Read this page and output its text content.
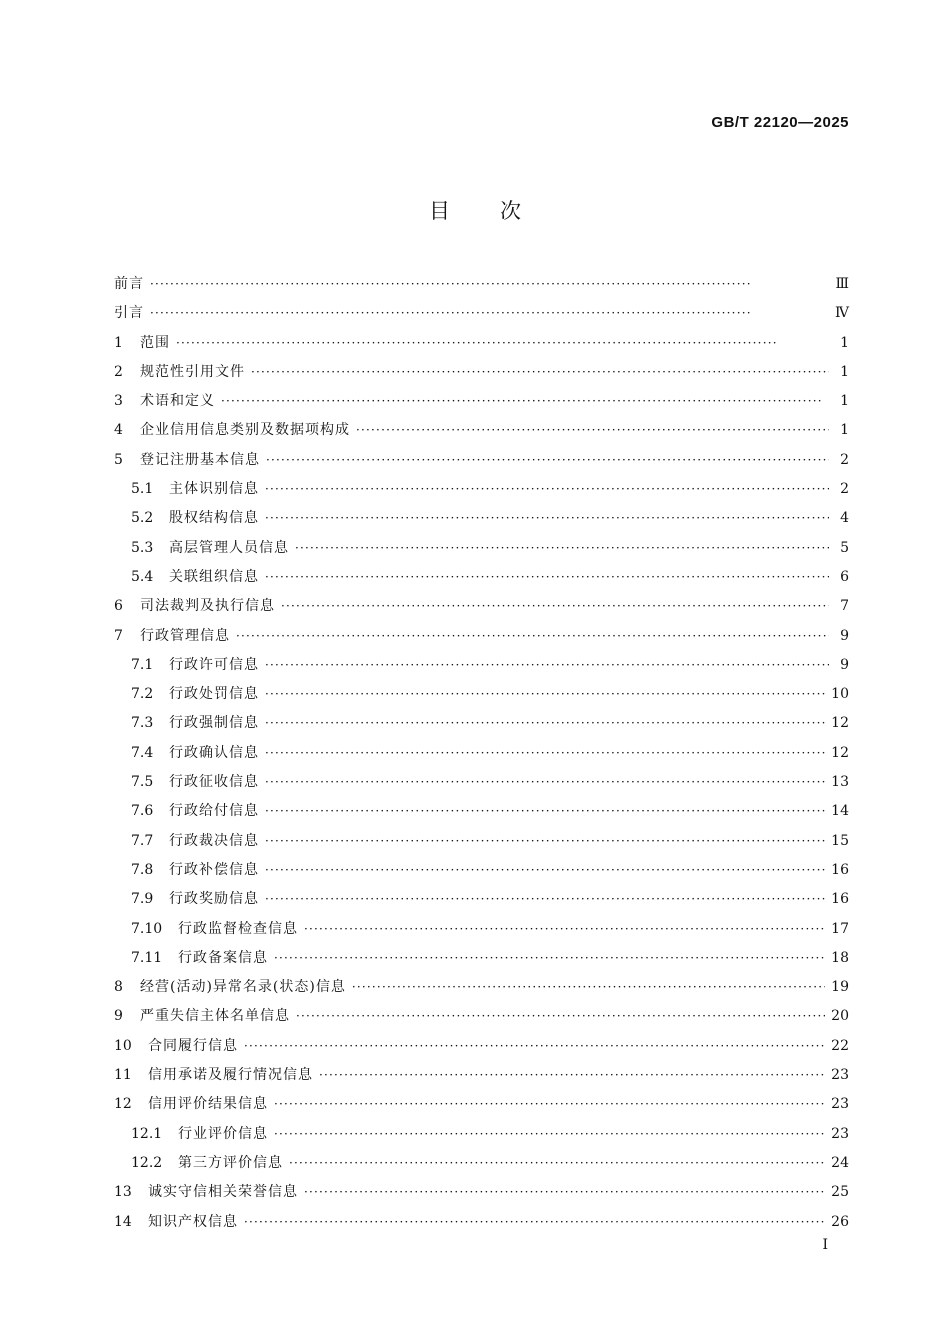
GB/T 22120—2025
目次
前言 ·····	Ⅲ
引言 ·····	Ⅳ
1	范围 ·····	1
2	规范性引用文件 ·····	1
3	术语和定义 ·····	1
4	企业信用信息类别及数据项构成 ·····	1
5	登记注册基本信息 ·····	2
5.1	主体识别信息 ·····	2
5.2	股权结构信息 ·····	4
5.3	高层管理人员信息 ·····	5
5.4	关联组织信息 ·····	6
6	司法裁判及执行信息 ·····	7
7	行政管理信息 ·····	9
7.1	行政许可信息 ·····	9
7.2	行政处罚信息 ·····	10
7.3	行政强制信息 ·····	12
7.4	行政确认信息 ·····	12
7.5	行政征收信息 ·····	13
7.6	行政给付信息 ·····	14
7.7	行政裁决信息 ·····	15
7.8	行政补偿信息 ·····	16
7.9	行政奖励信息 ·····	16
7.10	行政监督检查信息 ·····	17
7.11	行政备案信息 ·····	18
8	经营(活动)异常名录(状态)信息 ·····	19
9	严重失信主体名单信息 ·····	20
10	合同履行信息 ·····	22
11	信用承诺及履行情况信息 ·····	23
12	信用评价结果信息 ·····	23
12.1	行业评价信息 ·····	23
12.2	第三方评价信息 ·····	24
13	诚实守信相关荣誉信息 ·····	25
14	知识产权信息 ·····	26
I
